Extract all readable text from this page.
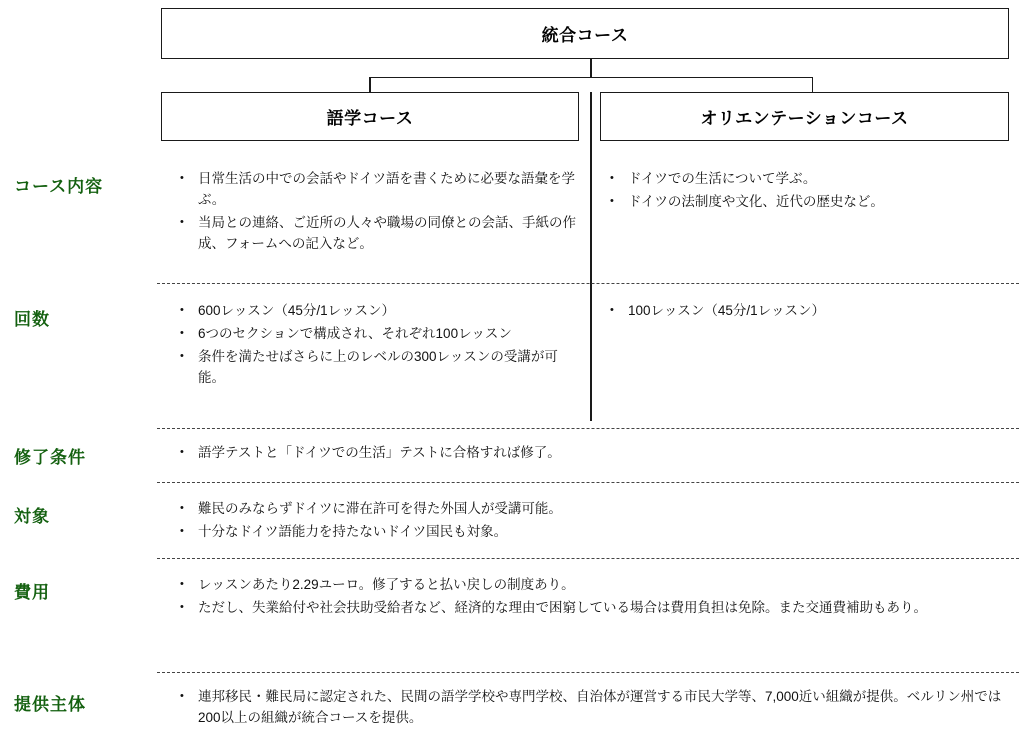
統合コース
語学コース	オリエンテーションコース
コース内容
回数
修了条件
対象
費用
提供主体
• 日常生活の中での会話やドイツ語を書くために必要な語彙を学ぶ。
• 当局との連絡、ご近所の人々や職場の同僚との会話、手紙の作成、フォームへの記入など。
• ドイツでの生活について学ぶ。
• ドイツの法制度や文化、近代の歴史など。
• 600レッスン（45分/1レッスン）
• 6つのセクションで構成され、それぞれ100レッスン
• 条件を満たせばさらに上のレベルの300レッスンの受講が可能。
• 100レッスン（45分/1レッスン）
• 語学テストと「ドイツでの生活」テストに合格すれば修了。
• 難民のみならずドイツに滞在許可を得た外国人が受講可能。
• 十分なドイツ語能力を持たないドイツ国民も対象。
• レッスンあたり2.29ユーロ。修了すると払い戻しの制度あり。
• ただし、失業給付や社会扶助受給者など、経済的な理由で困窮している場合は費用負担は免除。また交通費補助もあり。
• 連邦移民・難民局に認定された、民間の語学学校や専門学校、自治体が運営する市民大学等、7,000近い組織が提供。ベルリン州では200以上の組織が統合コースを提供。
